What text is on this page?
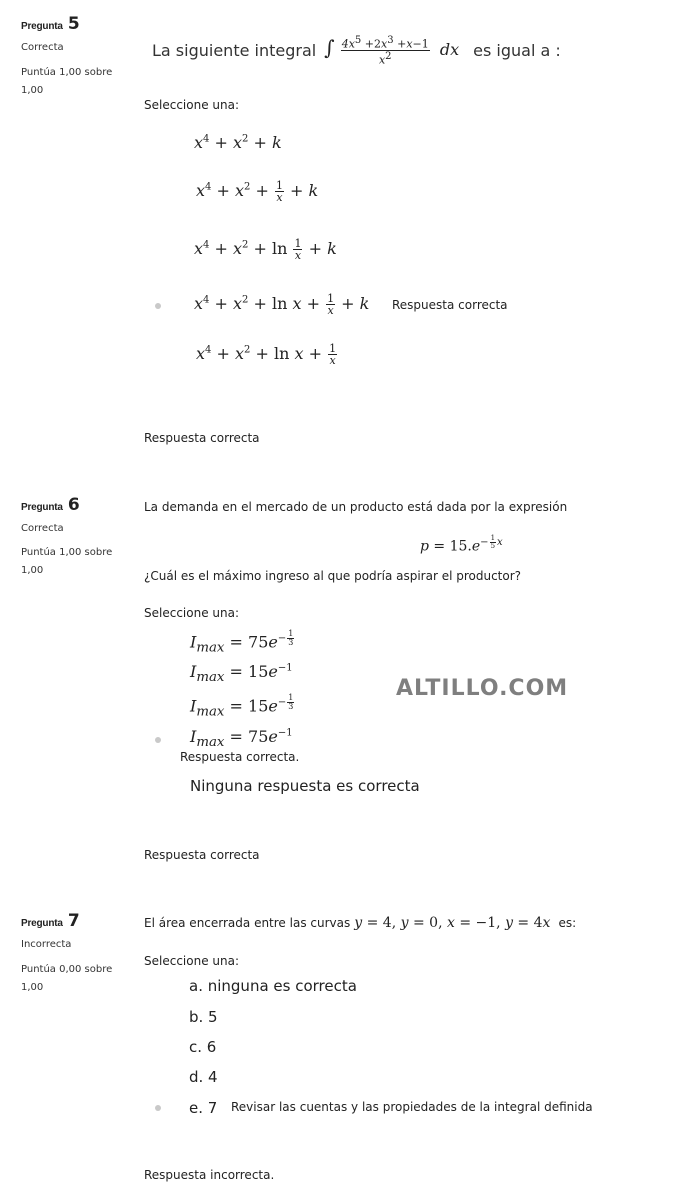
Pregunta 5
Correcta
Puntúa 1,00 sobre
1,00
La siguiente integral ∫ $\frac{4x^5 +2x^3 +x-1}{x^2}$ dx es igual a :
Seleccione una:
$x^4 + x^2 + k$
$x^4 + x^2 + \frac{1}{x} + k$
$x^4 + x^2 + \ln \frac{1}{x} + k$
$x^4 + x^2 + \ln x + \frac{1}{x} + k$ Respuesta correcta
$x^4 + x^2 + \ln x + \frac{1}{x}$
Respuesta correcta
Pregunta 6
Correcta
Puntúa 1,00 sobre
1,00
La demanda en el mercado de un producto está dada por la expresión
$p = 15.e^{- \frac{1}{5} x}$
¿Cuál es el máximo ingreso al que podría aspirar el productor?
Seleccione una:
$I_{max} = 75e^{- \frac{1}{3}}$
$I_{max} = 15e^{-1}$
$I_{max} = 15e^{- \frac{1}{3}}$
$I_{max} = 75e^{-1}$
Respuesta correcta.
Ninguna respuesta es correcta
Respuesta correcta
ALTILLO.COM
Pregunta 7
Incorrecta
Puntúa 0,00 sobre
1,00
El área encerrada entre las curvas y = 4, y = 0, x = −1, y = 4x es:
Seleccione una:
a. ninguna es correcta
b. 5
c. 6
d. 4
e. 7 Revisar las cuentas y las propiedades de la integral definida
Respuesta incorrecta.
